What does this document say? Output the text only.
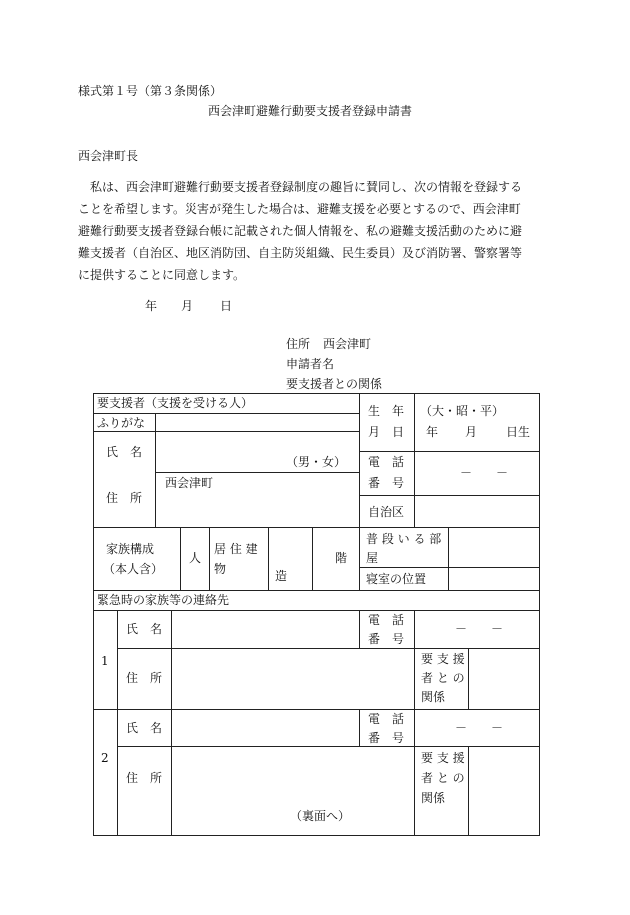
様式第１号（第３条関係）
西会津町避難行動要支援者登録申請書
西会津町長
私は、西会津町避難行動要支援者登録制度の趣旨に賛同し、次の情報を登録する
ことを希望します。災害が発生した場合は、避難支援を必要とするので、西会津町
避難行動要支援者登録台帳に記載された個人情報を、私の避難支援活動のために避
難支援者（自治区、地区消防団、自主防災組織、民生委員）及び消防署、警察署等
に提供することに同意します。
年 月 日
住所 西会津町
申請者名
要支援者との関係
要支援者（支援を受ける人）
ふりがな
氏　名
（男・女）
生　年
月　日
（大・昭・平）
年 月 日生
電　話
番　号
－　　－
住　所
西会津町
自治区
家族構成
（本人含）
人
居 住 建
物	造
階
普 段 い る 部
屋
寝室の位置
緊急時の家族等の連絡先
1
氏　名
電　話
番　号
－　　－
住　所
要 支 援
者 と の
関係
2
氏　名
電　話
番　号
－　　－
住　所
要 支 援
者 と の
関係
（裏面へ）
